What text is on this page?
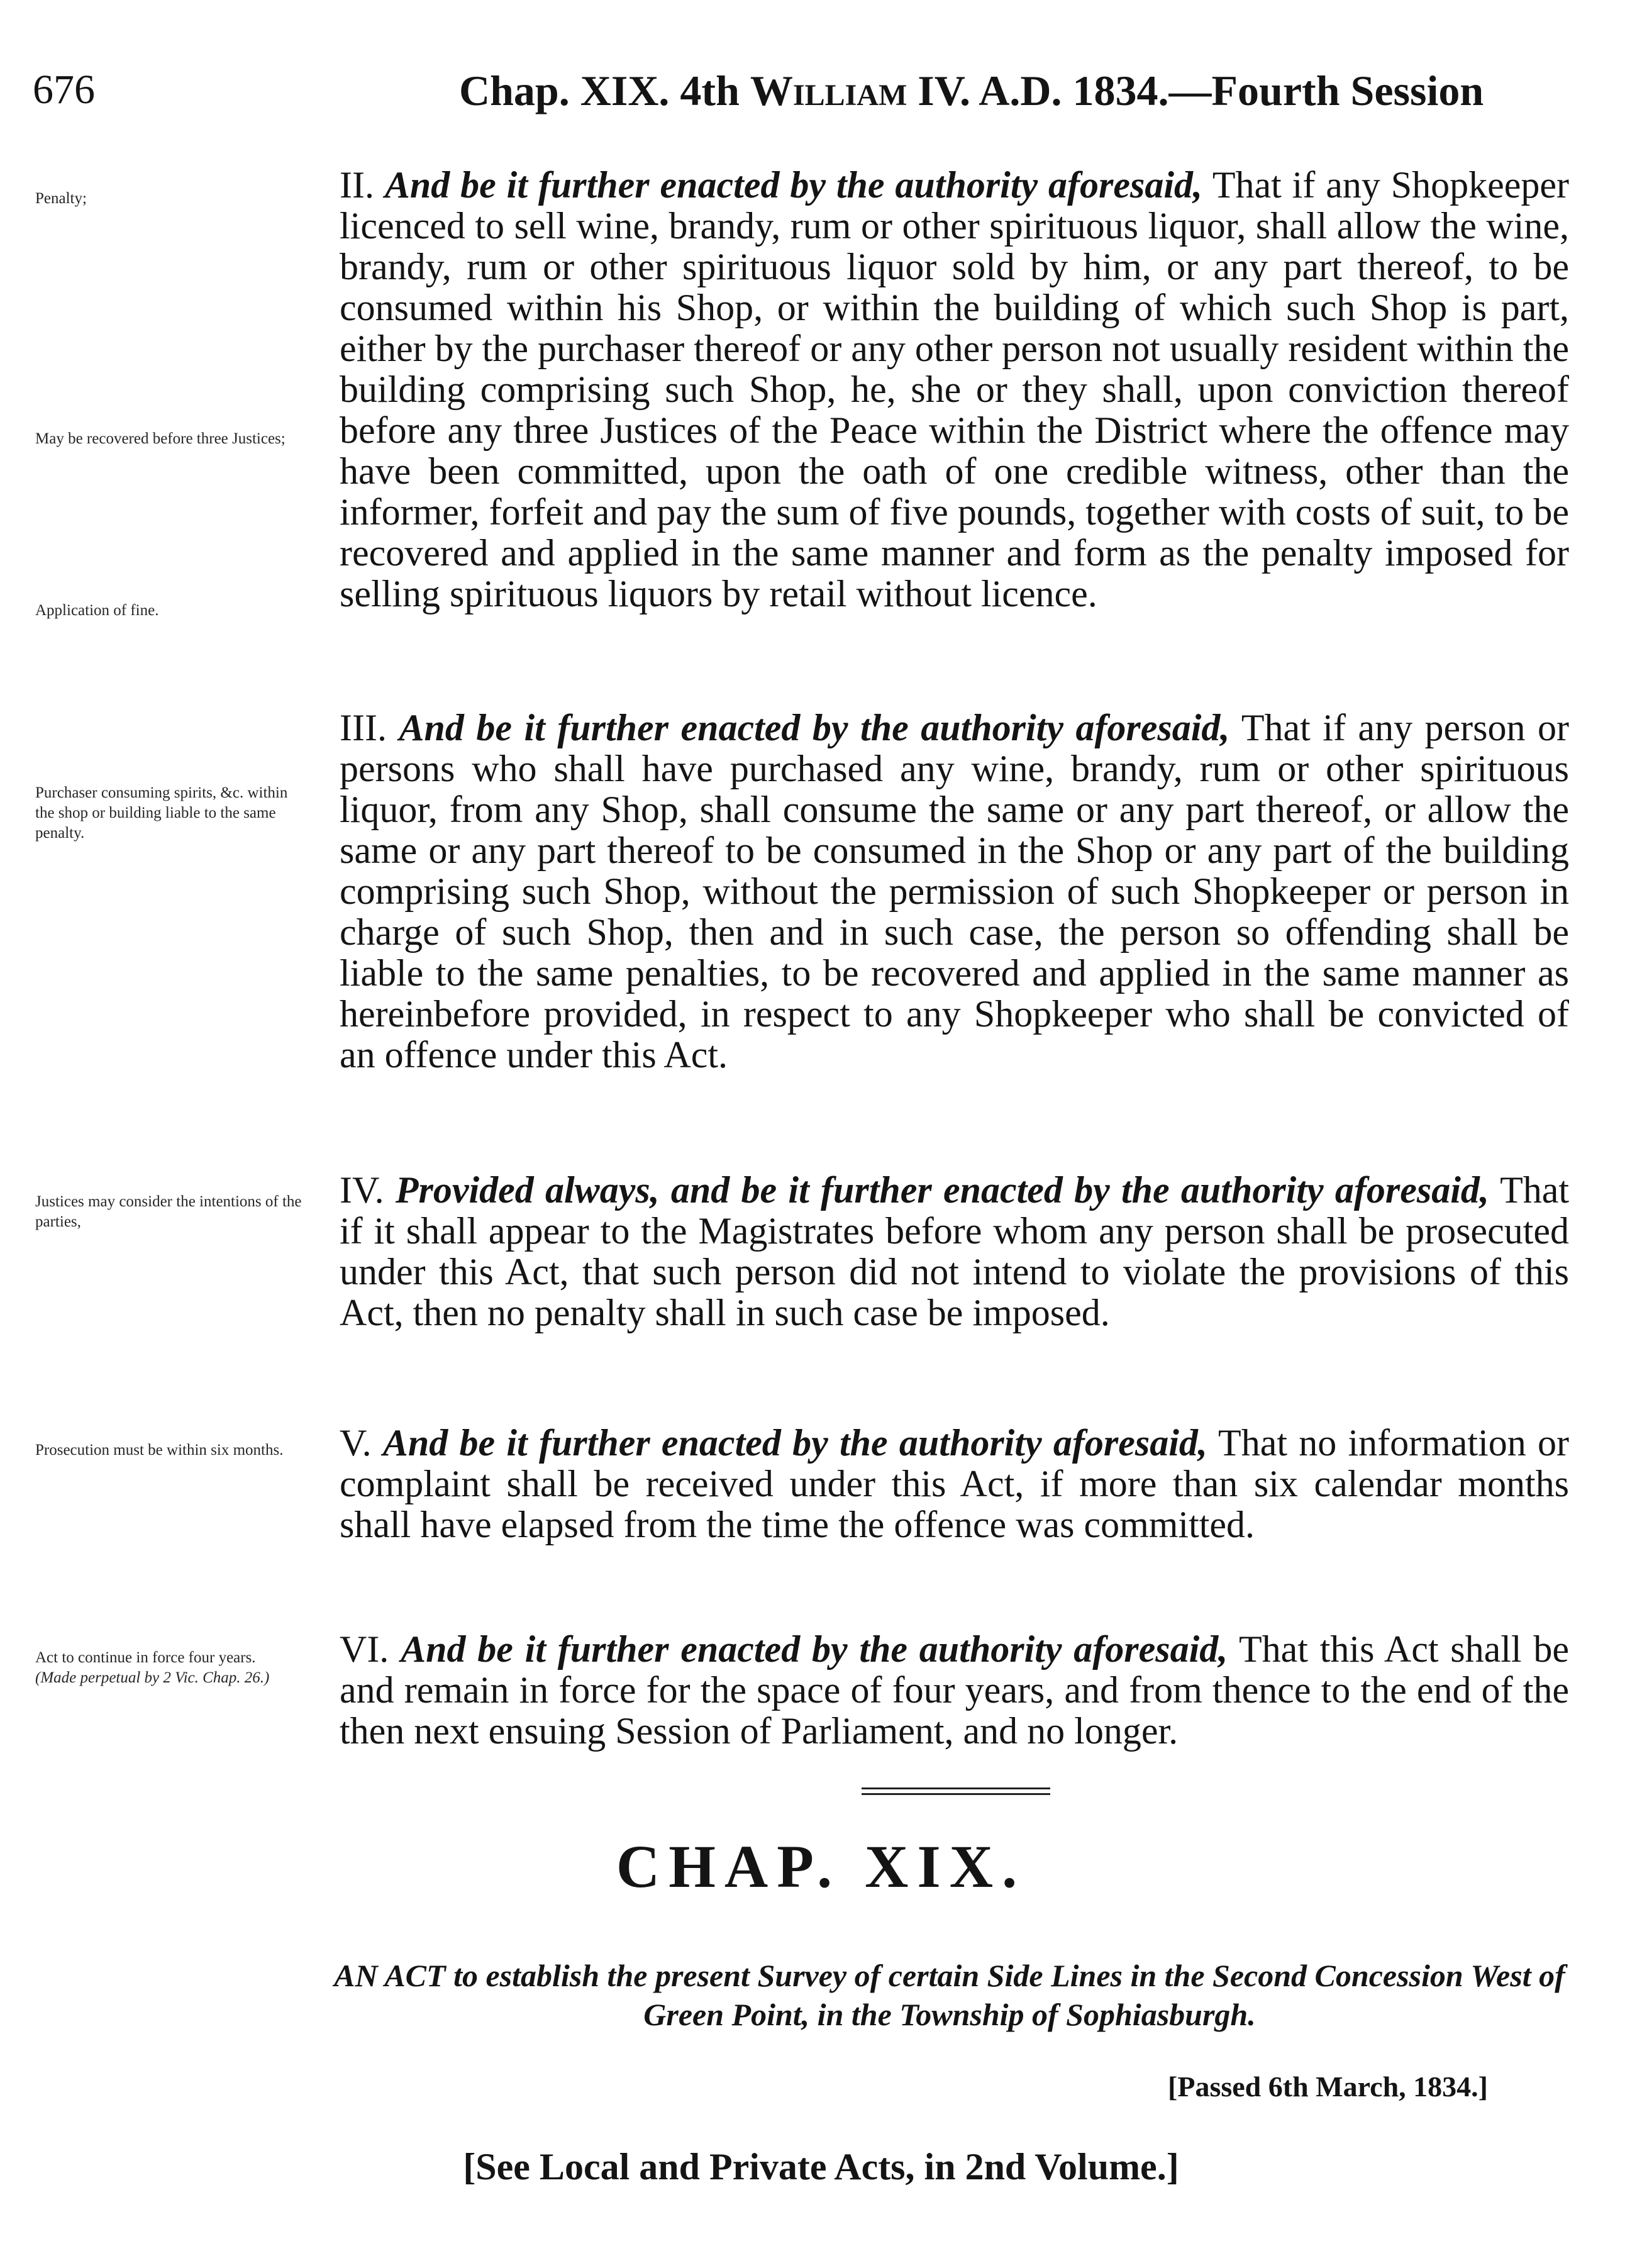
676	Chap. XIX. 4th William IV. A.D. 1834.—Fourth Session
Penalty;
May be recovered before three Justices;
Application of fine.
II. And be it further enacted by the authority aforesaid, That if any Shopkeeper licenced to sell wine, brandy, rum or other spirituous liquor, shall allow the wine, brandy, rum or other spirituous liquor sold by him, or any part thereof, to be consumed within his Shop, or within the building of which such Shop is part, either by the purchaser thereof or any other person not usually resident within the building comprising such Shop, he, she or they shall, upon conviction thereof before any three Justices of the Peace within the District where the offence may have been committed, upon the oath of one credible witness, other than the informer, forfeit and pay the sum of five pounds, together with costs of suit, to be recovered and applied in the same manner and form as the penalty imposed for selling spirituous liquors by retail without licence.
Purchaser consuming spirits, &c. within the shop or building liable to the same penalty.
III. And be it further enacted by the authority aforesaid, That if any person or persons who shall have purchased any wine, brandy, rum or other spirituous liquor, from any Shop, shall consume the same or any part thereof, or allow the same or any part thereof to be consumed in the Shop or any part of the building comprising such Shop, without the permission of such Shopkeeper or person in charge of such Shop, then and in such case, the person so offending shall be liable to the same penalties, to be recovered and applied in the same manner as hereinbefore provided, in respect to any Shopkeeper who shall be convicted of an offence under this Act.
Justices may consider the intentions of the parties,
IV. Provided always, and be it further enacted by the authority aforesaid, That if it shall appear to the Magistrates before whom any person shall be prosecuted under this Act, that such person did not intend to violate the provisions of this Act, then no penalty shall in such case be imposed.
Prosecution must be within six months.	V. And be it further enacted by the authority aforesaid, That no information or complaint shall be received under this Act, if more than six calendar months shall have elapsed from the time the offence was committed.
Act to continue in force four years.
(Made perpetual by 2 Vic. Chap. 26.)
VI. And be it further enacted by the authority aforesaid, That this Act shall be and remain in force for the space of four years, and from thence to the end of the then next ensuing Session of Parliament, and no longer.
CHAP. XIX.
AN ACT to establish the present Survey of certain Side Lines in the Second Concession West of Green Point, in the Township of Sophiasburgh.
[Passed 6th March, 1834.]
[See Local and Private Acts, in 2nd Volume.]
